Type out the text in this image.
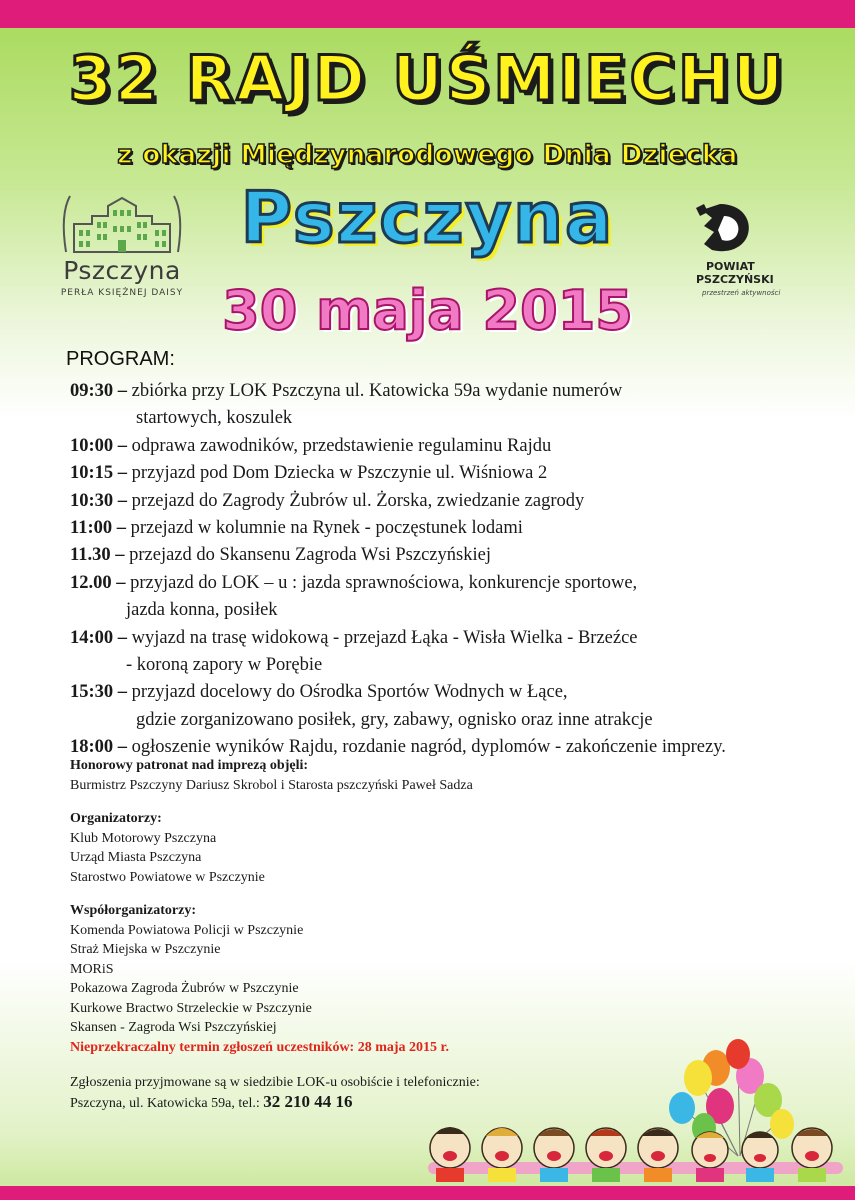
32 RAJD UŚMIECHU
z okazji Międzynarodowego Dnia Dziecka
Pszczyna
30 maja 2015
Pszczyna
PERŁA KSIĘŻNEJ DAISY
POWIAT
PSZCZYŃSKI
przestrzeń aktywności
PROGRAM:
09:30 – zbiórka przy LOK Pszczyna ul. Katowicka 59a wydanie numerów
startowych, koszulek
10:00 – odprawa zawodników, przedstawienie regulaminu Rajdu
10:15 – przyjazd pod Dom Dziecka w Pszczynie ul. Wiśniowa 2
10:30 – przejazd do Zagrody Żubrów ul. Żorska, zwiedzanie zagrody
11:00 – przejazd w kolumnie na Rynek - poczęstunek lodami
11.30 – przejazd do Skansenu Zagroda Wsi Pszczyńskiej
12.00 – przyjazd do LOK – u : jazda sprawnościowa, konkurencje sportowe,
jazda konna, posiłek
14:00 – wyjazd na trasę widokową - przejazd Łąka - Wisła Wielka - Brzeźce
- koroną zapory w Porębie
15:30 – przyjazd docelowy do Ośrodka Sportów Wodnych w Łące,
gdzie zorganizowano posiłek, gry, zabawy, ognisko oraz inne atrakcje
18:00 – ogłoszenie wyników Rajdu, rozdanie nagród, dyplomów - zakończenie imprezy.
Honorowy patronat nad imprezą objęli:
Burmistrz Pszczyny Dariusz Skrobol i Starosta pszczyński Paweł Sadza
Organizatorzy:
Klub Motorowy Pszczyna
Urząd Miasta Pszczyna
Starostwo Powiatowe w Pszczynie
Współorganizatorzy:
Komenda Powiatowa Policji w Pszczynie
Straż Miejska w Pszczynie
MORiS
Pokazowa Zagroda Żubrów w Pszczynie
Kurkowe Bractwo Strzeleckie w Pszczynie
Skansen - Zagroda Wsi Pszczyńskiej
Nieprzekraczalny termin zgłoszeń uczestników: 28 maja 2015 r.
Zgłoszenia przyjmowane są w siedzibie LOK-u osobiście i telefonicznie:
Pszczyna, ul. Katowicka 59a, tel.: 32 210 44 16
